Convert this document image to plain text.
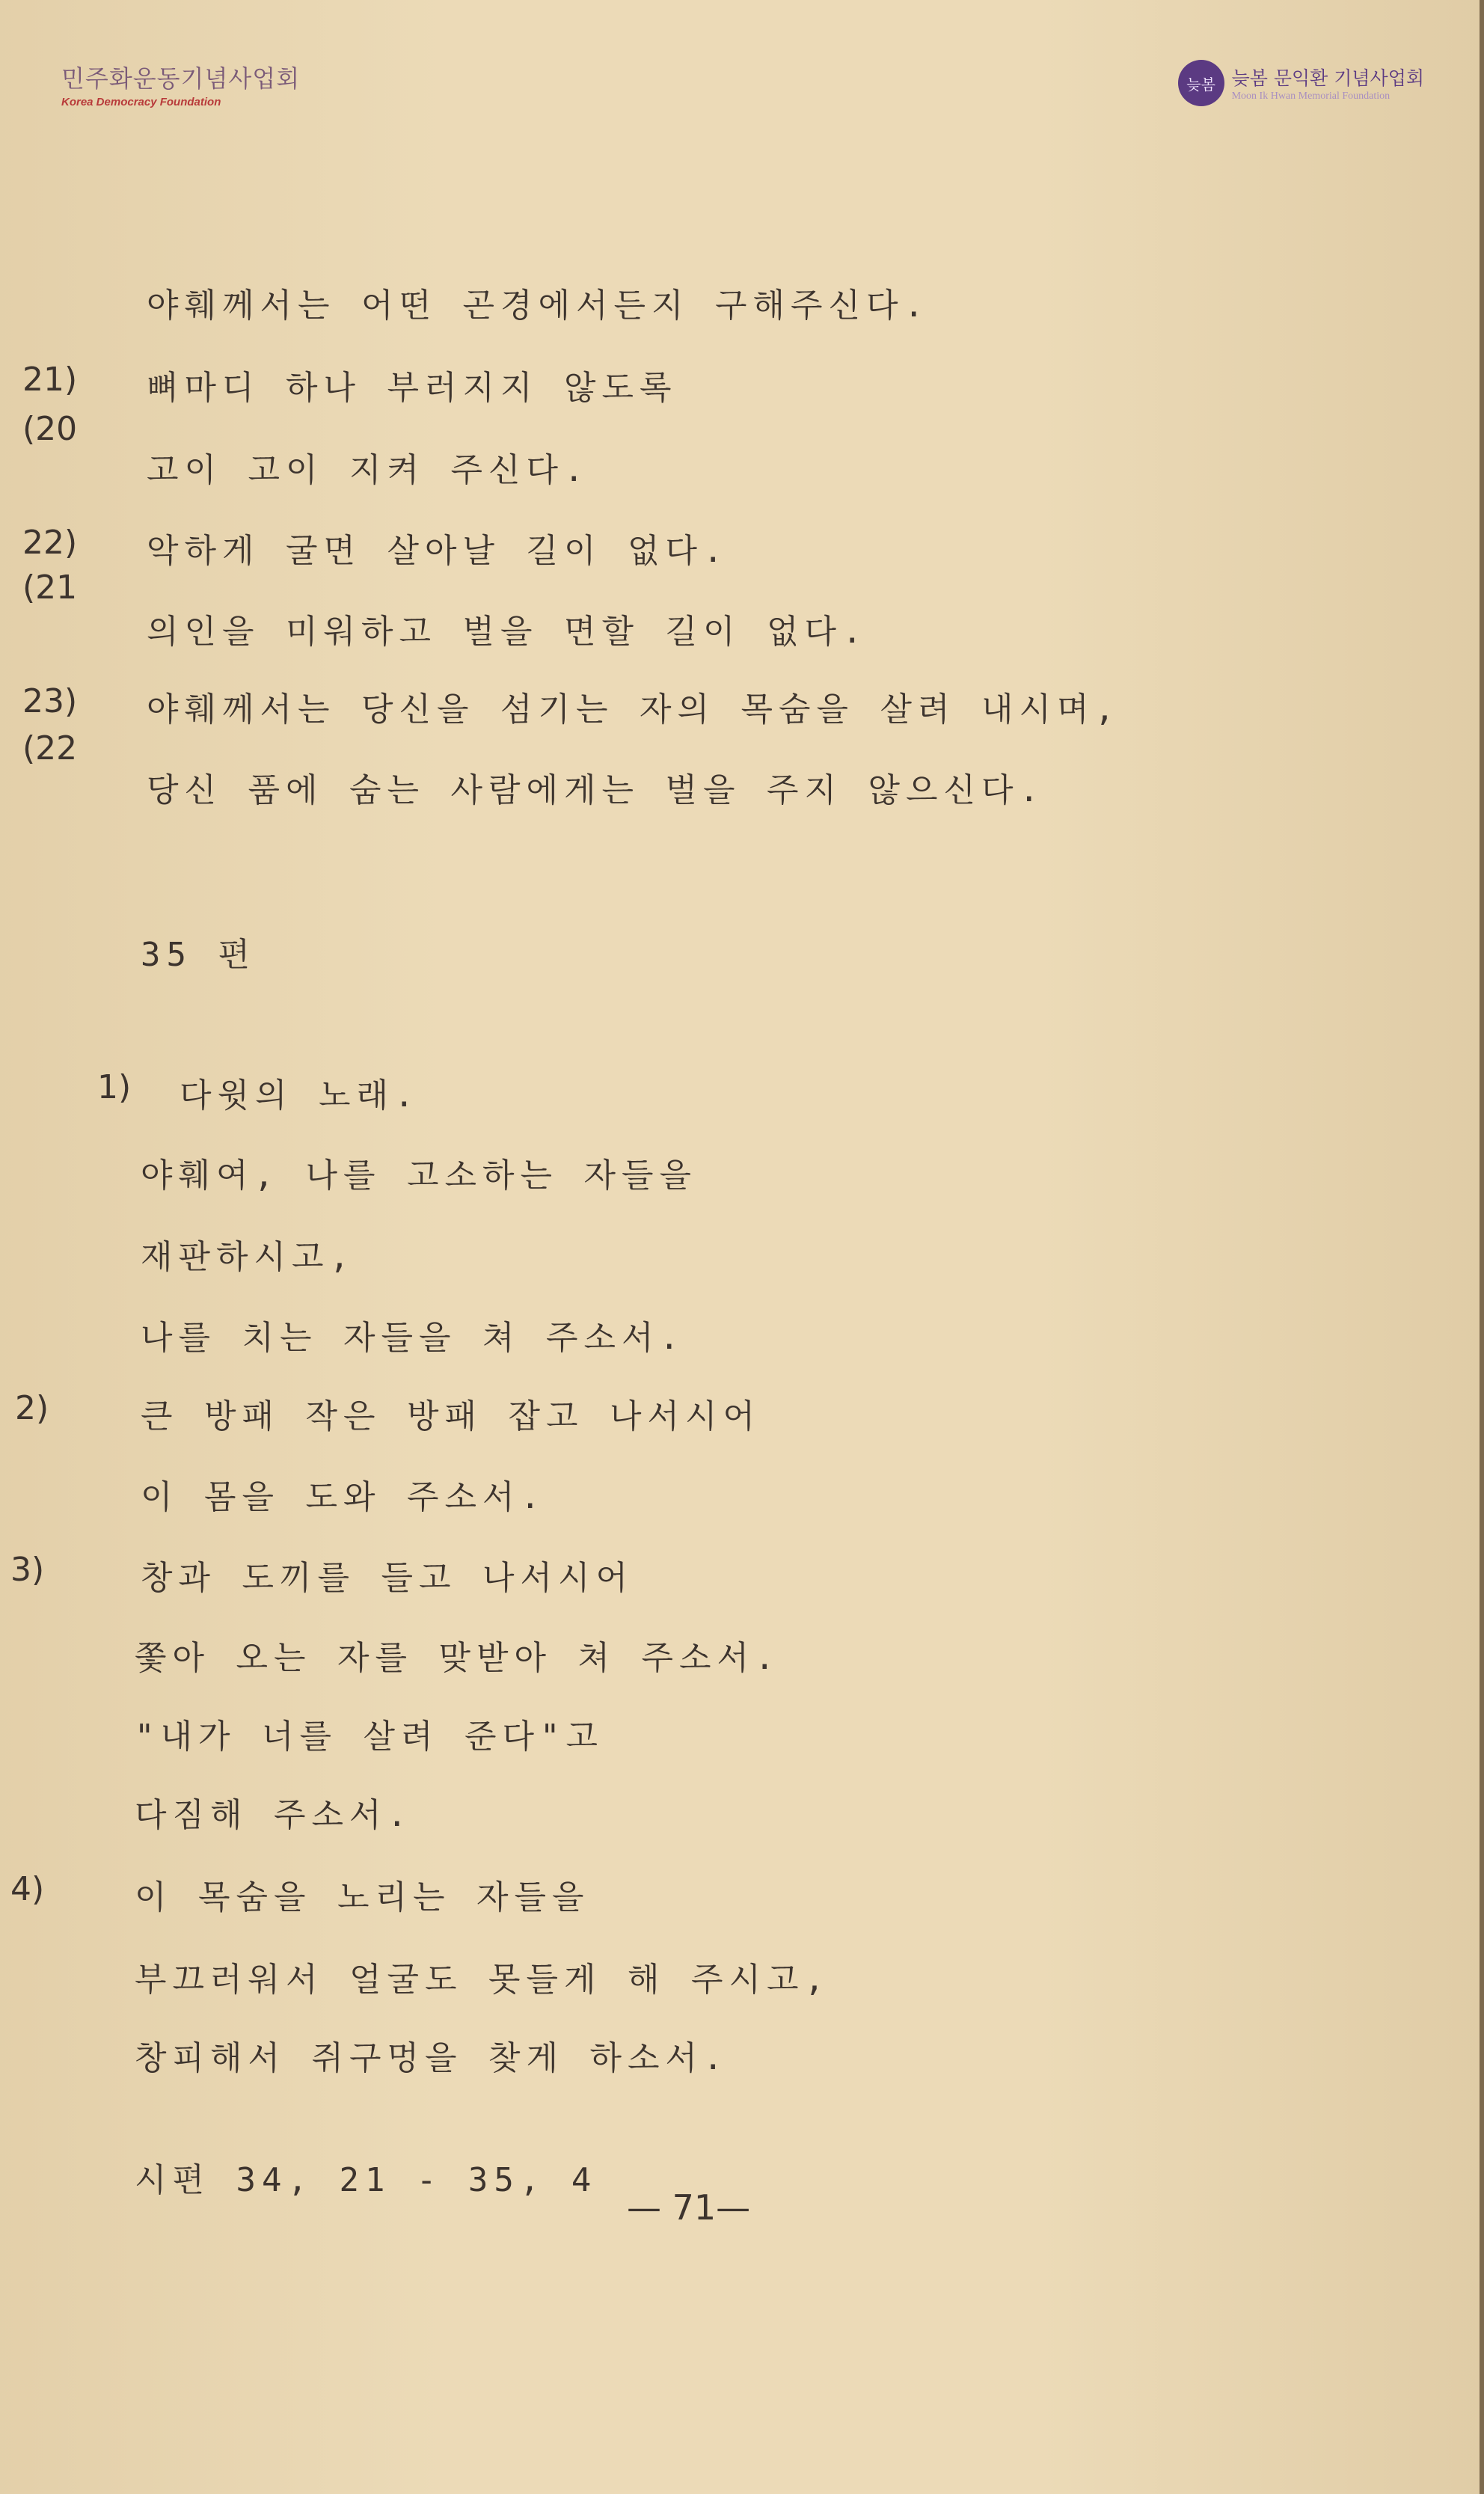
민주화운동기념사업회
Korea Democracy Foundation
늦봄 늦봄 문익환 기념사업회
Moon Ik Hwan Memorial Foundation
야훼께서는 어떤 곤경에서든지 구해주신다.
21) 뼈마디 하나 부러지지 않도록
(20
고이 고이 지켜 주신다.
22) 악하게 굴면 살아날 길이 없다.
(21
의인을 미워하고 벌을 면할 길이 없다.
23) 야훼께서는 당신을 섬기는 자의 목숨을 살려 내시며,
(22
당신 품에 숨는 사람에게는 벌을 주지 않으신다.
35 편
1) 다윗의 노래.
야훼여, 나를 고소하는 자들을
재판하시고,
나를 치는 자들을 쳐 주소서.
2)	큰 방패 작은 방패 잡고 나서시어
이 몸을 도와 주소서.
3)	창과 도끼를 들고 나서시어
쫓아 오는 자를 맞받아 쳐 주소서.
"내가 너를 살려 준다"고
다짐해 주소서.
4)	이 목숨을 노리는 자들을
부끄러워서 얼굴도 못들게 해 주시고,
창피해서 쥐구멍을 찾게 하소서.
시편 34, 21 - 35, 4
— 71—
